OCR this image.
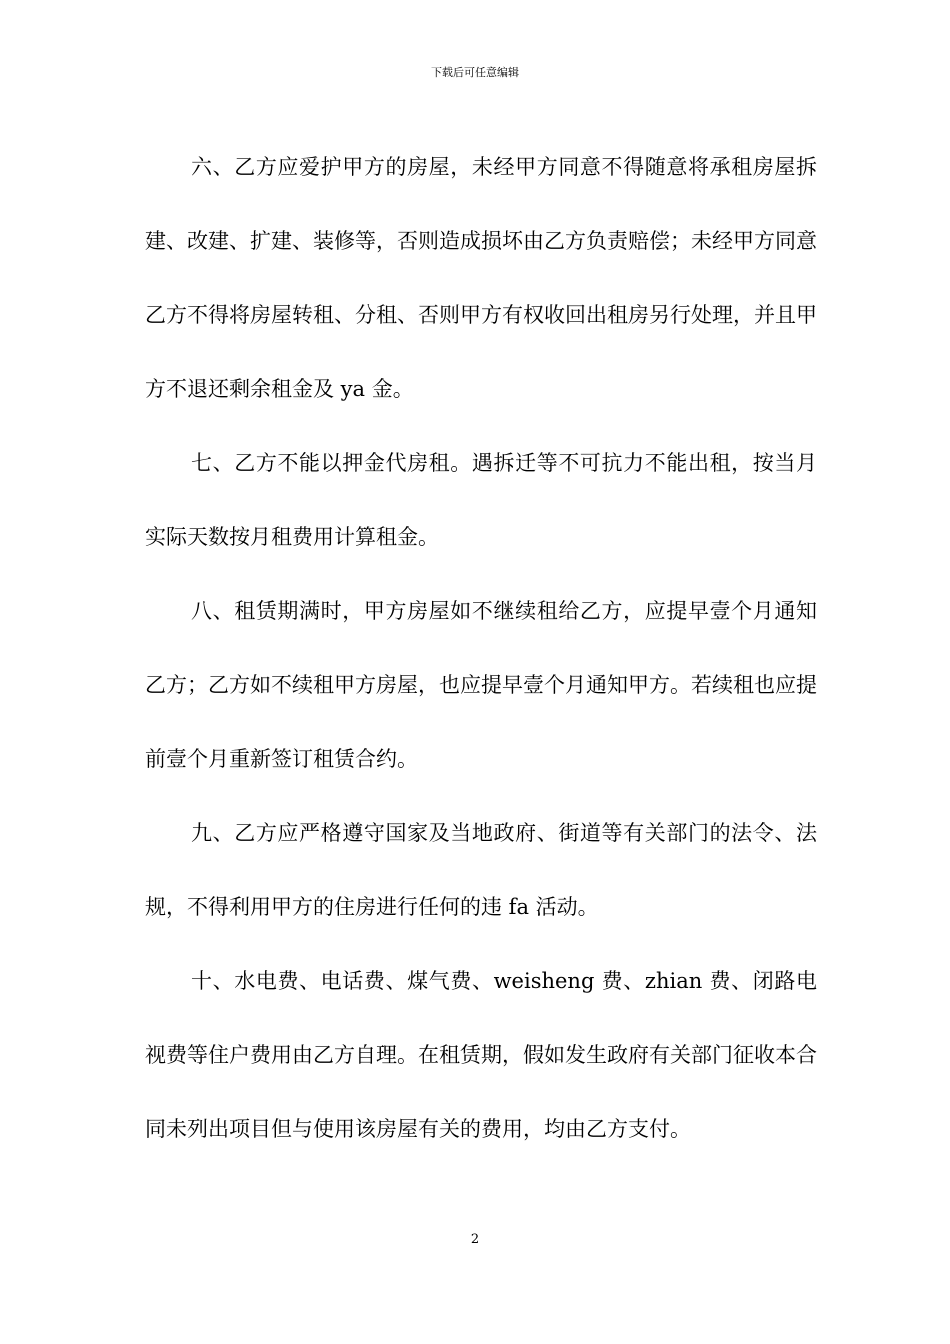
下载后可任意编辑

六、乙方应爱护甲方的房屋，未经甲方同意不得随意将承租房屋拆建、改建、扩建、装修等，否则造成损坏由乙方负责赔偿；未经甲方同意乙方不得将房屋转租、分租、否则甲方有权收回出租房另行处理，并且甲方不退还剩余租金及 ya 金。

七、乙方不能以押金代房租。遇拆迁等不可抗力不能出租，按当月实际天数按月租费用计算租金。

八、租赁期满时，甲方房屋如不继续租给乙方，应提早壹个月通知乙方；乙方如不续租甲方房屋，也应提早壹个月通知甲方。若续租也应提前壹个月重新签订租赁合约。

九、乙方应严格遵守国家及当地政府、街道等有关部门的法令、法规，不得利用甲方的住房进行任何的违 fa 活动。

十、水电费、电话费、煤气费、weisheng 费、zhian 费、闭路电视费等住户费用由乙方自理。在租赁期，假如发生政府有关部门征收本合同未列出项目但与使用该房屋有关的费用，均由乙方支付。

2
